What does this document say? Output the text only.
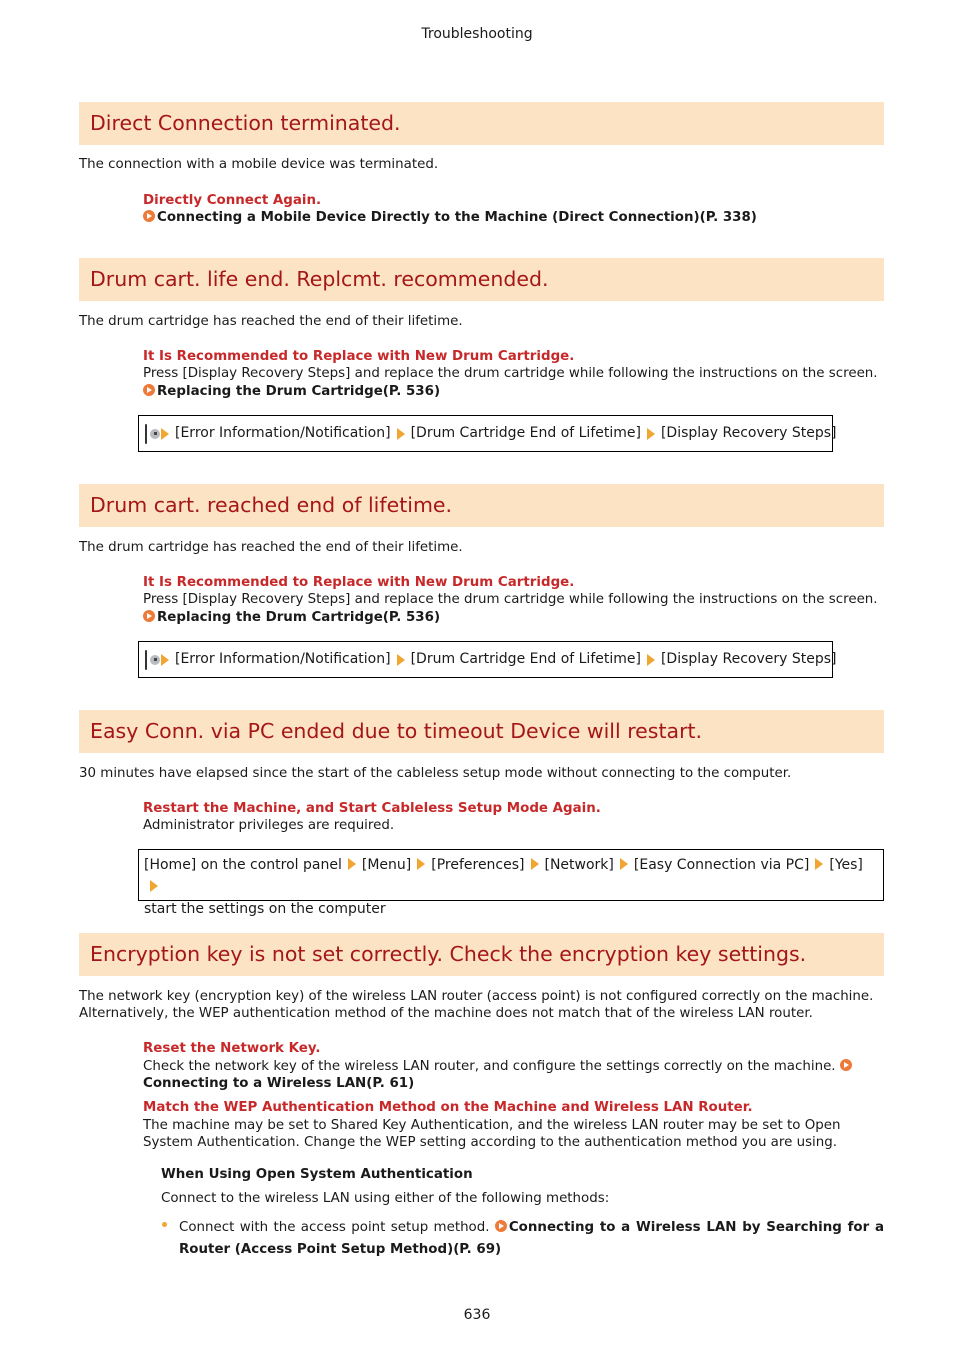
Troubleshooting
Direct Connection terminated.
The connection with a mobile device was terminated.
Directly Connect Again.
Connecting a Mobile Device Directly to the Machine (Direct Connection)(P. 338)
Drum cart. life end. Replcmt. recommended.
The drum cartridge has reached the end of their lifetime.
It Is Recommended to Replace with New Drum Cartridge.
Press [Display Recovery Steps] and replace the drum cartridge while following the instructions on the screen.
Replacing the Drum Cartridge(P. 536)
[Error Information/Notification] [Drum Cartridge End of Lifetime] [Display Recovery Steps]
Drum cart. reached end of lifetime.
The drum cartridge has reached the end of their lifetime.
It Is Recommended to Replace with New Drum Cartridge.
Press [Display Recovery Steps] and replace the drum cartridge while following the instructions on the screen.
Replacing the Drum Cartridge(P. 536)
[Error Information/Notification] [Drum Cartridge End of Lifetime] [Display Recovery Steps]
Easy Conn. via PC ended due to timeout Device will restart.
30 minutes have elapsed since the start of the cableless setup mode without connecting to the computer.
Restart the Machine, and Start Cableless Setup Mode Again.
Administrator privileges are required.
[Home] on the control panel [Menu] [Preferences] [Network] [Easy Connection via PC] [Yes]
start the settings on the computer
Encryption key is not set correctly. Check the encryption key settings.
The network key (encryption key) of the wireless LAN router (access point) is not configured correctly on the machine.
Alternatively, the WEP authentication method of the machine does not match that of the wireless LAN router.
Reset the Network Key.
Check the network key of the wireless LAN router, and configure the settings correctly on the machine.
Connecting to a Wireless LAN(P. 61)
Match the WEP Authentication Method on the Machine and Wireless LAN Router.
The machine may be set to Shared Key Authentication, and the wireless LAN router may be set to Open
System Authentication. Change the WEP setting according to the authentication method you are using.
When Using Open System Authentication
Connect to the wireless LAN using either of the following methods:
Connect with the access point setup method. Connecting to a Wireless LAN by Searching for a
Router (Access Point Setup Method)(P. 69)
636
